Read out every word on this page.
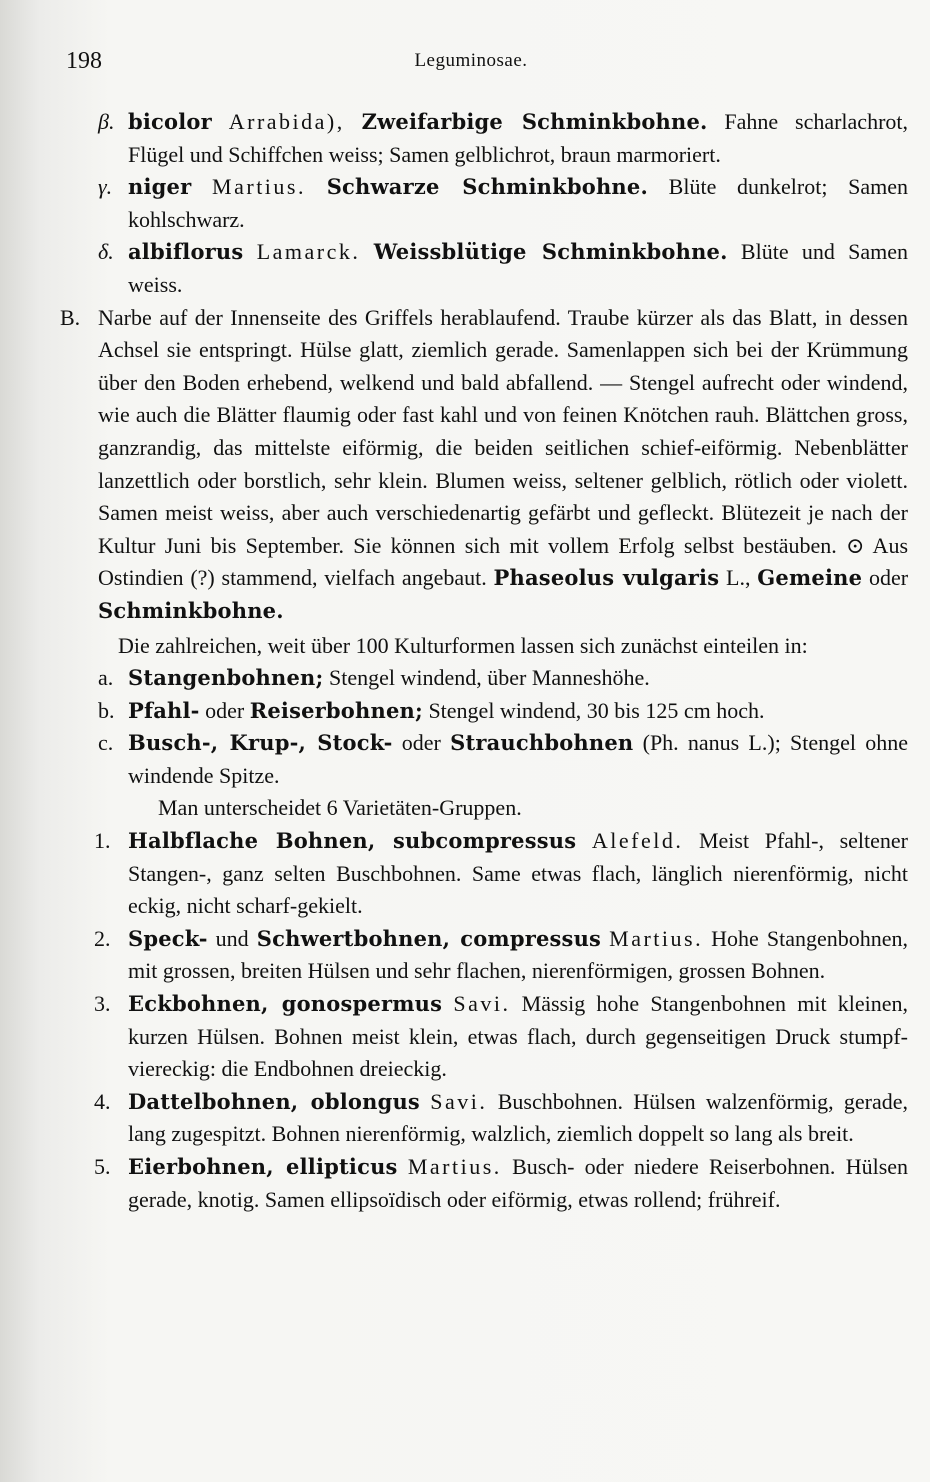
198	Leguminosae.

β. bicolor Arrabida), Zweifarbige Schminkbohne. Fahne scharlachrot, Flügel und Schiffchen weiss; Samen gelblichrot, braun marmoriert.

γ. niger Martius. Schwarze Schminkbohne. Blüte dunkelrot; Samen kohlschwarz.

δ. albiflorus Lamarck. Weissblütige Schminkbohne. Blüte und Samen weiss.

B. Narbe auf der Innenseite des Griffels herablaufend. Traube kürzer als das Blatt, in dessen Achsel sie entspringt. Hülse glatt, ziemlich gerade. Samenlappen sich bei der Krümmung über den Boden erhebend, welkend und bald abfallend. — Stengel aufrecht oder windend, wie auch die Blätter flaumig oder fast kahl und von feinen Knötchen rauh. Blättchen gross, ganzrandig, das mittelste eiförmig, die beiden seitlichen schief-eiförmig. Nebenblätter lanzettlich oder borstlich, sehr klein. Blumen weiss, seltener gelblich, rötlich oder violett. Samen meist weiss, aber auch verschiedenartig gefärbt und gefleckt. Blütezeit je nach der Kultur Juni bis September. Sie können sich mit vollem Erfolg selbst bestäuben. ⊙ Aus Ostindien (?) stammend, vielfach angebaut. Phaseolus vulgaris L., Gemeine oder Schminkbohne.

Die zahlreichen, weit über 100 Kulturformen lassen sich zunächst einteilen in:

a. Stangenbohnen; Stengel windend, über Manneshöhe.

b. Pfahl- oder Reiserbohnen; Stengel windend, 30 bis 125 cm hoch.

c. Busch-, Krup-, Stock- oder Strauchbohnen (Ph. nanus L.); Stengel ohne windende Spitze.

Man unterscheidet 6 Varietäten-Gruppen.

1. Halbflache Bohnen, subcompressus Alefeld. Meist Pfahl-, seltener Stangen-, ganz selten Buschbohnen. Same etwas flach, länglich nierenförmig, nicht eckig, nicht scharf-gekielt.

2. Speck- und Schwertbohnen, compressus Martius. Hohe Stangenbohnen, mit grossen, breiten Hülsen und sehr flachen, nierenförmigen, grossen Bohnen.

3. Eckbohnen, gonospermus Savi. Mässig hohe Stangenbohnen mit kleinen, kurzen Hülsen. Bohnen meist klein, etwas flach, durch gegenseitigen Druck stumpf-viereckig: die Endbohnen dreieckig.

4. Dattelbohnen, oblongus Savi. Buschbohnen. Hülsen walzenförmig, gerade, lang zugespitzt. Bohnen nierenförmig, walzlich, ziemlich doppelt so lang als breit.

5. Eierbohnen, ellipticus Martius. Busch- oder niedere Reiserbohnen. Hülsen gerade, knotig. Samen ellipsoïdisch oder eiförmig, etwas rollend; frühreif.
